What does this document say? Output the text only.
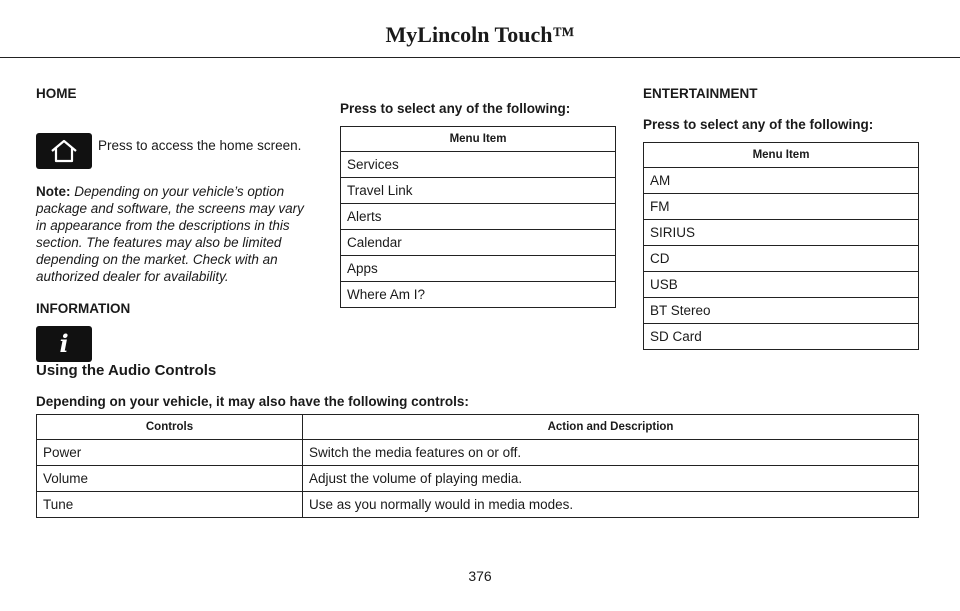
MyLincoln Touch™
HOME
Press to access the home screen.
Note: Depending on your vehicle’s option package and software, the screens may vary in appearance from the descriptions in this section. The features may also be limited depending on the market. Check with an authorized dealer for availability.
INFORMATION
i
Press to select any of the following:
Menu Item
Services
Travel Link
Alerts
Calendar
Apps
Where Am I?
ENTERTAINMENT
Press to select any of the following:
Menu Item
AM
FM
SIRIUS
CD
USB
BT Stereo
SD Card
Using the Audio Controls
Depending on your vehicle, it may also have the following controls:
Controls	Action and Description
Power	Switch the media features on or off.
Volume	Adjust the volume of playing media.
Tune	Use as you normally would in media modes.
376
